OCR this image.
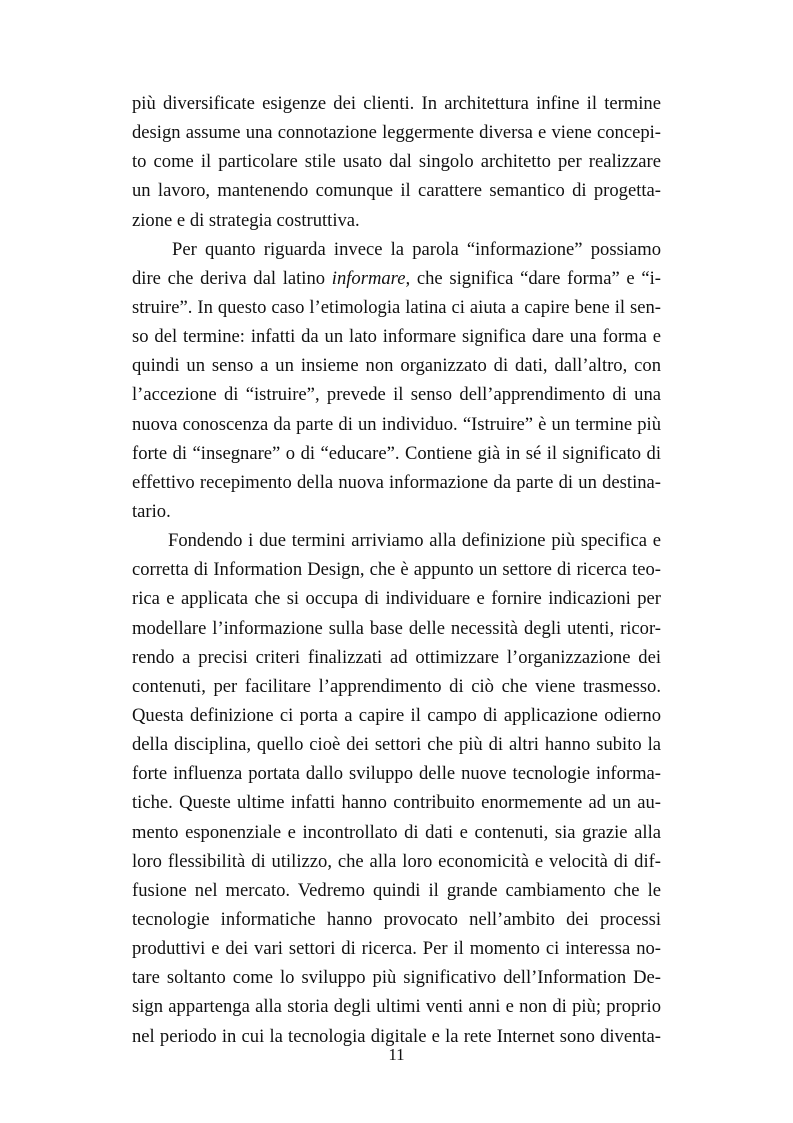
più diversificate esigenze dei clienti. In architettura infine il termine
design assume una connotazione leggermente diversa e viene concepi-
to come il particolare stile usato dal singolo architetto per realizzare
un lavoro, mantenendo comunque il carattere semantico di progetta-
zione e di strategia costruttiva.
Per quanto riguarda invece la parola “informazione” possiamo
dire che deriva dal latino informare, che significa “dare forma” e “i-
struire”. In questo caso l’etimologia latina ci aiuta a capire bene il sen-
so del termine: infatti da un lato informare significa dare una forma e
quindi un senso a un insieme non organizzato di dati, dall’altro, con
l’accezione di “istruire”, prevede il senso dell’apprendimento di una
nuova conoscenza da parte di un individuo. “Istruire” è un termine più
forte di “insegnare” o di “educare”. Contiene già in sé il significato di
effettivo recepimento della nuova informazione da parte di un destina-
tario.
Fondendo i due termini arriviamo alla definizione più specifica e
corretta di Information Design, che è appunto un settore di ricerca teo-
rica e applicata che si occupa di individuare e fornire indicazioni per
modellare l’informazione sulla base delle necessità degli utenti, ricor-
rendo a precisi criteri finalizzati ad ottimizzare l’organizzazione dei
contenuti, per facilitare l’apprendimento di ciò che viene trasmesso.
Questa definizione ci porta a capire il campo di applicazione odierno
della disciplina, quello cioè dei settori che più di altri hanno subito la
forte influenza portata dallo sviluppo delle nuove tecnologie informa-
tiche. Queste ultime infatti hanno contribuito enormemente ad un au-
mento esponenziale e incontrollato di dati e contenuti, sia grazie alla
loro flessibilità di utilizzo, che alla loro economicità e velocità di dif-
fusione nel mercato. Vedremo quindi il grande cambiamento che le
tecnologie informatiche hanno provocato nell’ambito dei processi
produttivi e dei vari settori di ricerca. Per il momento ci interessa no-
tare soltanto come lo sviluppo più significativo dell’Information De-
sign appartenga alla storia degli ultimi venti anni e non di più; proprio
nel periodo in cui la tecnologia digitale e la rete Internet sono diventa-
11
